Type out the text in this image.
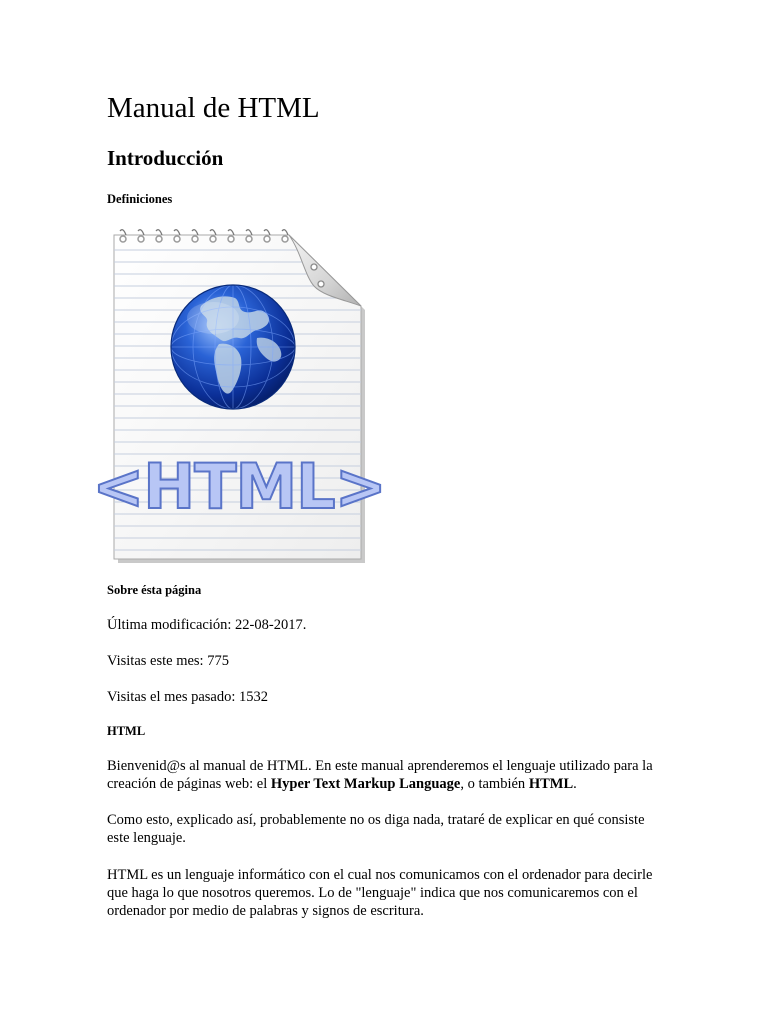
Manual de HTML
Introducción
Definiciones
<HTML>
Sobre ésta página
Última modificación: 22-08-2017.
Visitas este mes: 775
Visitas el mes pasado: 1532
HTML
Bienvenid@s al manual de HTML. En este manual aprenderemos el lenguaje utilizado para la creación de páginas web: el Hyper Text Markup Language, o también HTML.
Como esto, explicado así, probablemente no os diga nada, trataré de explicar en qué consiste este lenguaje.
HTML es un lenguaje informático con el cual nos comunicamos con el ordenador para decirle que haga lo que nosotros queremos. Lo de "lenguaje" indica que nos comunicaremos con el ordenador por medio de palabras y signos de escritura.
